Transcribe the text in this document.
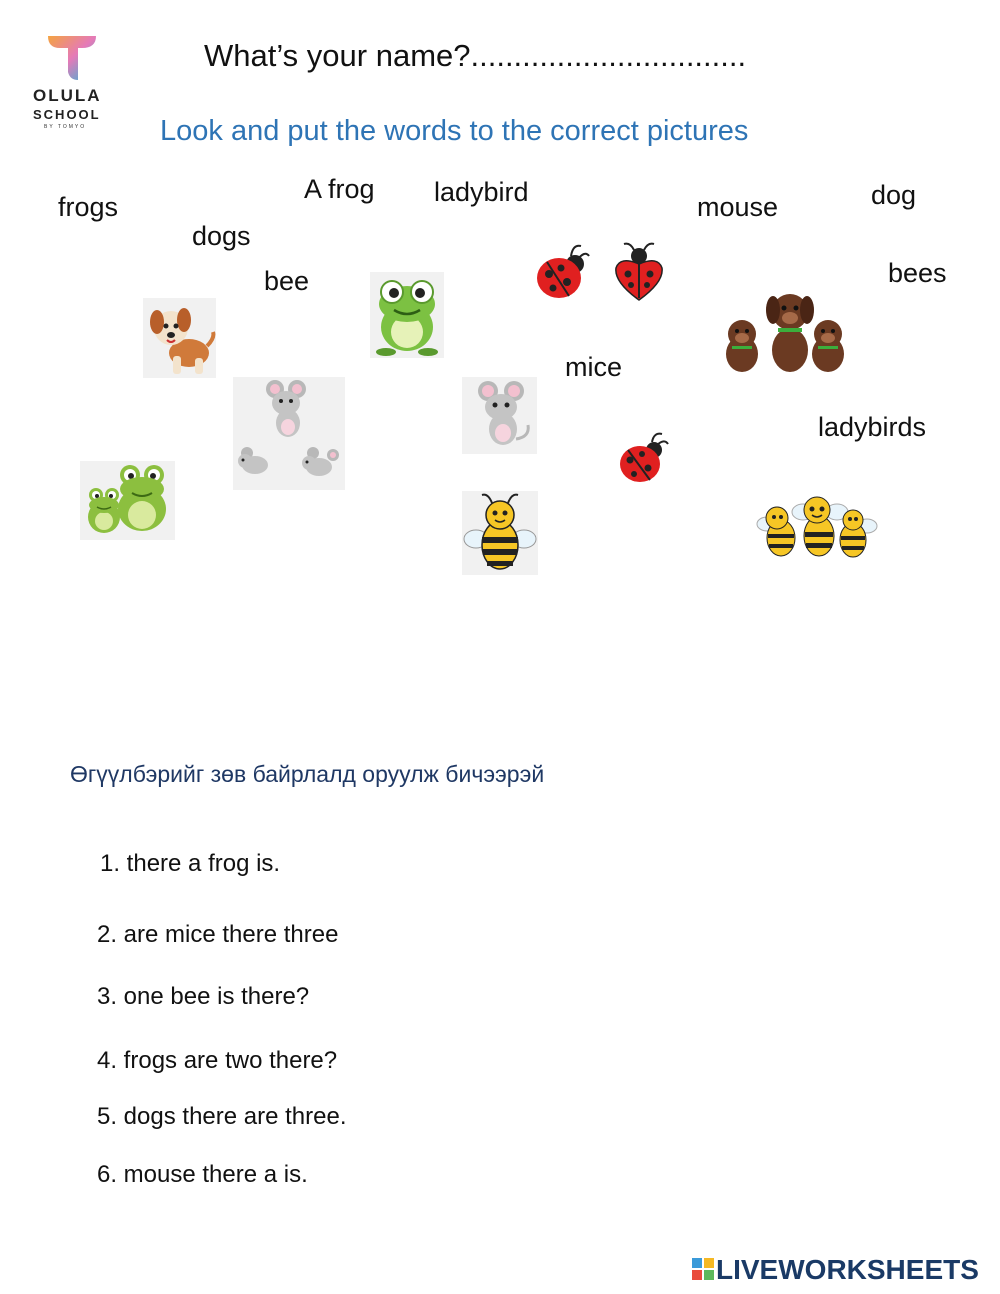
OLULA
SCHOOL
BY TOMYO
What’s your name?................................
Look and put the words to the correct pictures
frogs
dogs
A frog
bee
ladybird	mouse	dog
bees
mice
ladybirds
Өгүүлбэрийг зөв байрлалд оруулж бичээрэй
1. there a frog is.
2. are mice there three
3. one bee is there?
4. frogs are two there?
5. dogs there are three.
6. mouse there a is.
LIVEWORKSHEETS
